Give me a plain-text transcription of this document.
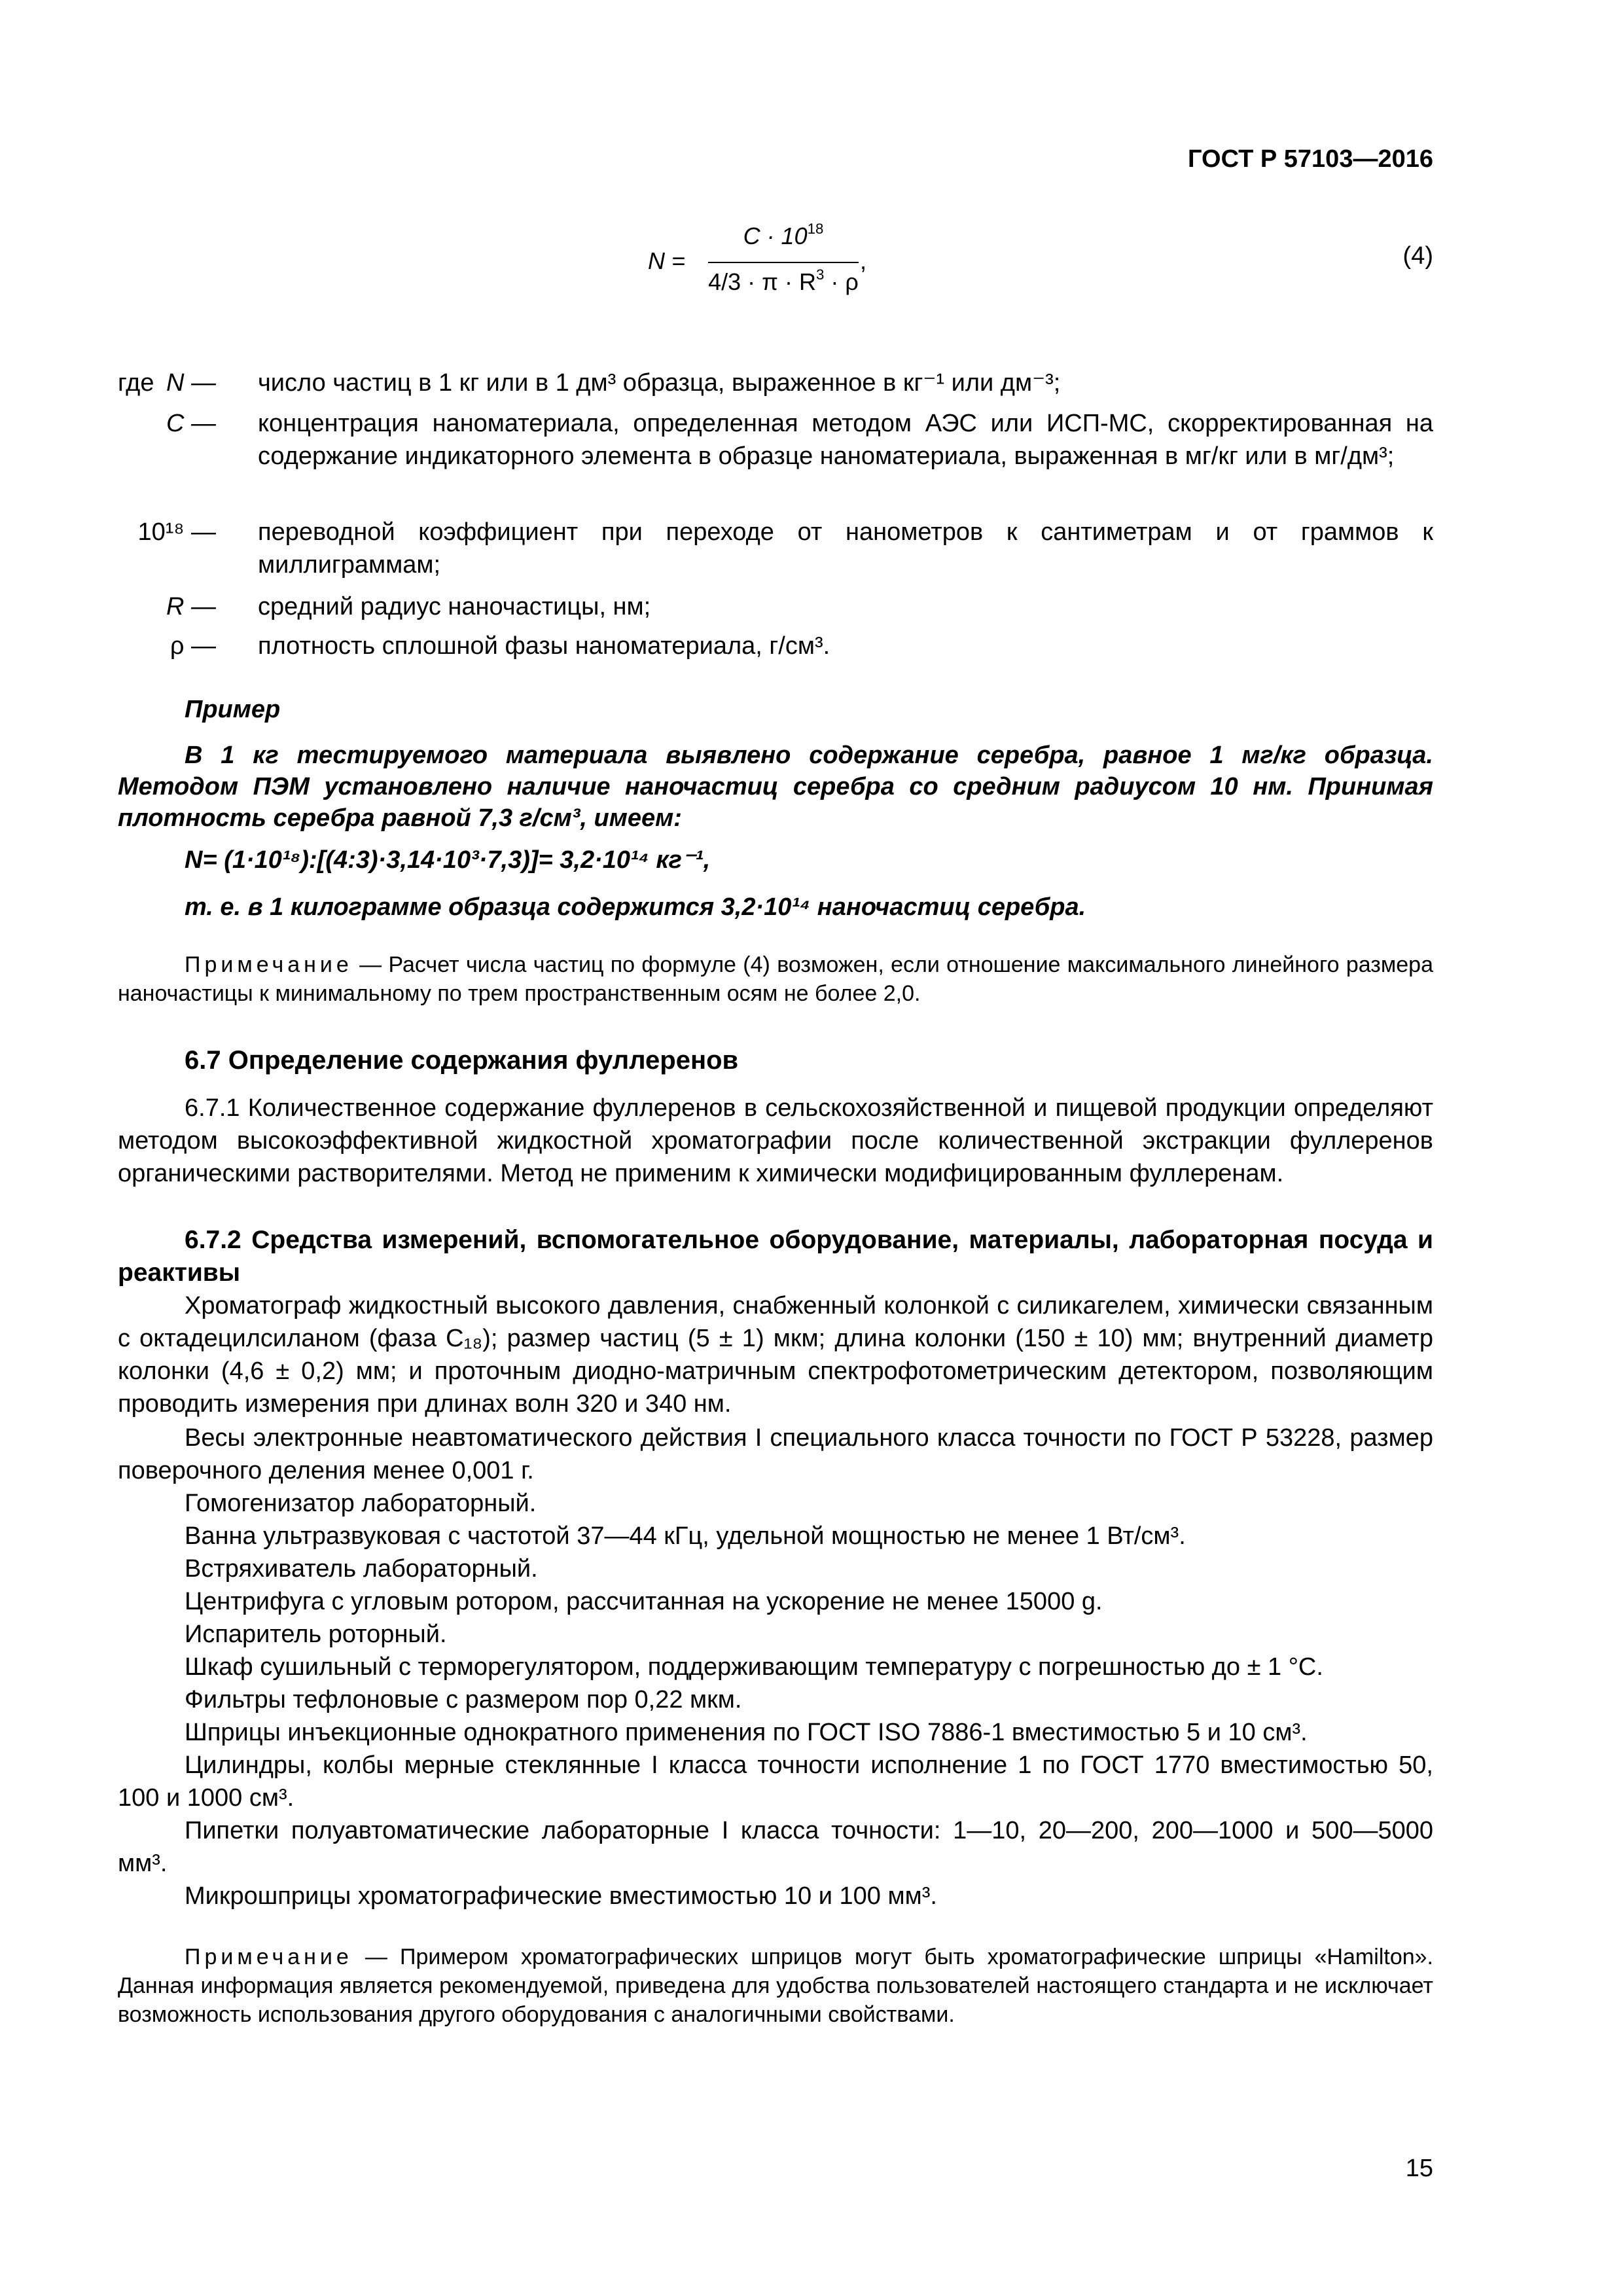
ГОСТ Р 57103—2016
N =
$C \cdot 10^{18}$
$4/3 \cdot \pi \cdot R^3 \cdot \rho$
,	(4)
где N — число частиц в 1 кг или в 1 дм³ образца, выраженное в кг⁻¹ или дм⁻³;
C — концентрация наноматериала, определенная методом АЭС или ИСП-МС, скорректированная на содержание индикаторного элемента в образце наноматериала, выраженная в мг/кг или в мг/дм³;
10¹⁸ — переводной коэффициент при переходе от нанометров к сантиметрам и от граммов к миллиграммам;
R — средний радиус наночастицы, нм;
ρ — плотность сплошной фазы наноматериала, г/см³.
Пример
В 1 кг тестируемого материала выявлено содержание серебра, равное 1 мг/кг образца. Методом ПЭМ установлено наличие наночастиц серебра со средним радиусом 10 нм. Принимая плотность серебра равной 7,3 г/см³, имеем:
N= (1·10¹⁸):[(4:3)·3,14·10³·7,3)]= 3,2·10¹⁴ кг⁻¹,
т. е. в 1 килограмме образца содержится 3,2·10¹⁴ наночастиц серебра.
Примечание — Расчет числа частиц по формуле (4) возможен, если отношение максимального линейного размера наночастицы к минимальному по трем пространственным осям не более 2,0.
6.7 Определение содержания фуллеренов
6.7.1 Количественное содержание фуллеренов в сельскохозяйственной и пищевой продукции определяют методом высокоэффективной жидкостной хроматографии после количественной экстракции фуллеренов органическими растворителями. Метод не применим к химически модифицированным фуллеренам.
6.7.2 Средства измерений, вспомогательное оборудование, материалы, лабораторная посуда и реактивы
Хроматограф жидкостный высокого давления, снабженный колонкой с силикагелем, химически связанным с октадецилсиланом (фаза C₁₈); размер частиц (5 ± 1) мкм; длина колонки (150 ± 10) мм; внутренний диаметр колонки (4,6 ± 0,2) мм; и проточным диодно-матричным спектрофотометрическим детектором, позволяющим проводить измерения при длинах волн 320 и 340 нм.
Весы электронные неавтоматического действия I специального класса точности по ГОСТ Р 53228, размер поверочного деления менее 0,001 г.
Гомогенизатор лабораторный.
Ванна ультразвуковая с частотой 37—44 кГц, удельной мощностью не менее 1 Вт/см³.
Встряхиватель лабораторный.
Центрифуга с угловым ротором, рассчитанная на ускорение не менее 15000 g.
Испаритель роторный.
Шкаф сушильный с терморегулятором, поддерживающим температуру с погрешностью до ± 1 °С.
Фильтры тефлоновые с размером пор 0,22 мкм.
Шприцы инъекционные однократного применения по ГОСТ ISO 7886-1 вместимостью 5 и 10 см³.
Цилиндры, колбы мерные стеклянные I класса точности исполнение 1 по ГОСТ 1770 вместимостью 50, 100 и 1000 см³.
Пипетки полуавтоматические лабораторные I класса точности: 1—10, 20—200, 200—1000 и 500—5000 мм³.
Микрошприцы хроматографические вместимостью 10 и 100 мм³.
Примечание — Примером хроматографических шприцов могут быть хроматографические шприцы «Hamilton». Данная информация является рекомендуемой, приведена для удобства пользователей настоящего стандарта и не исключает возможность использования другого оборудования с аналогичными свойствами.
15
